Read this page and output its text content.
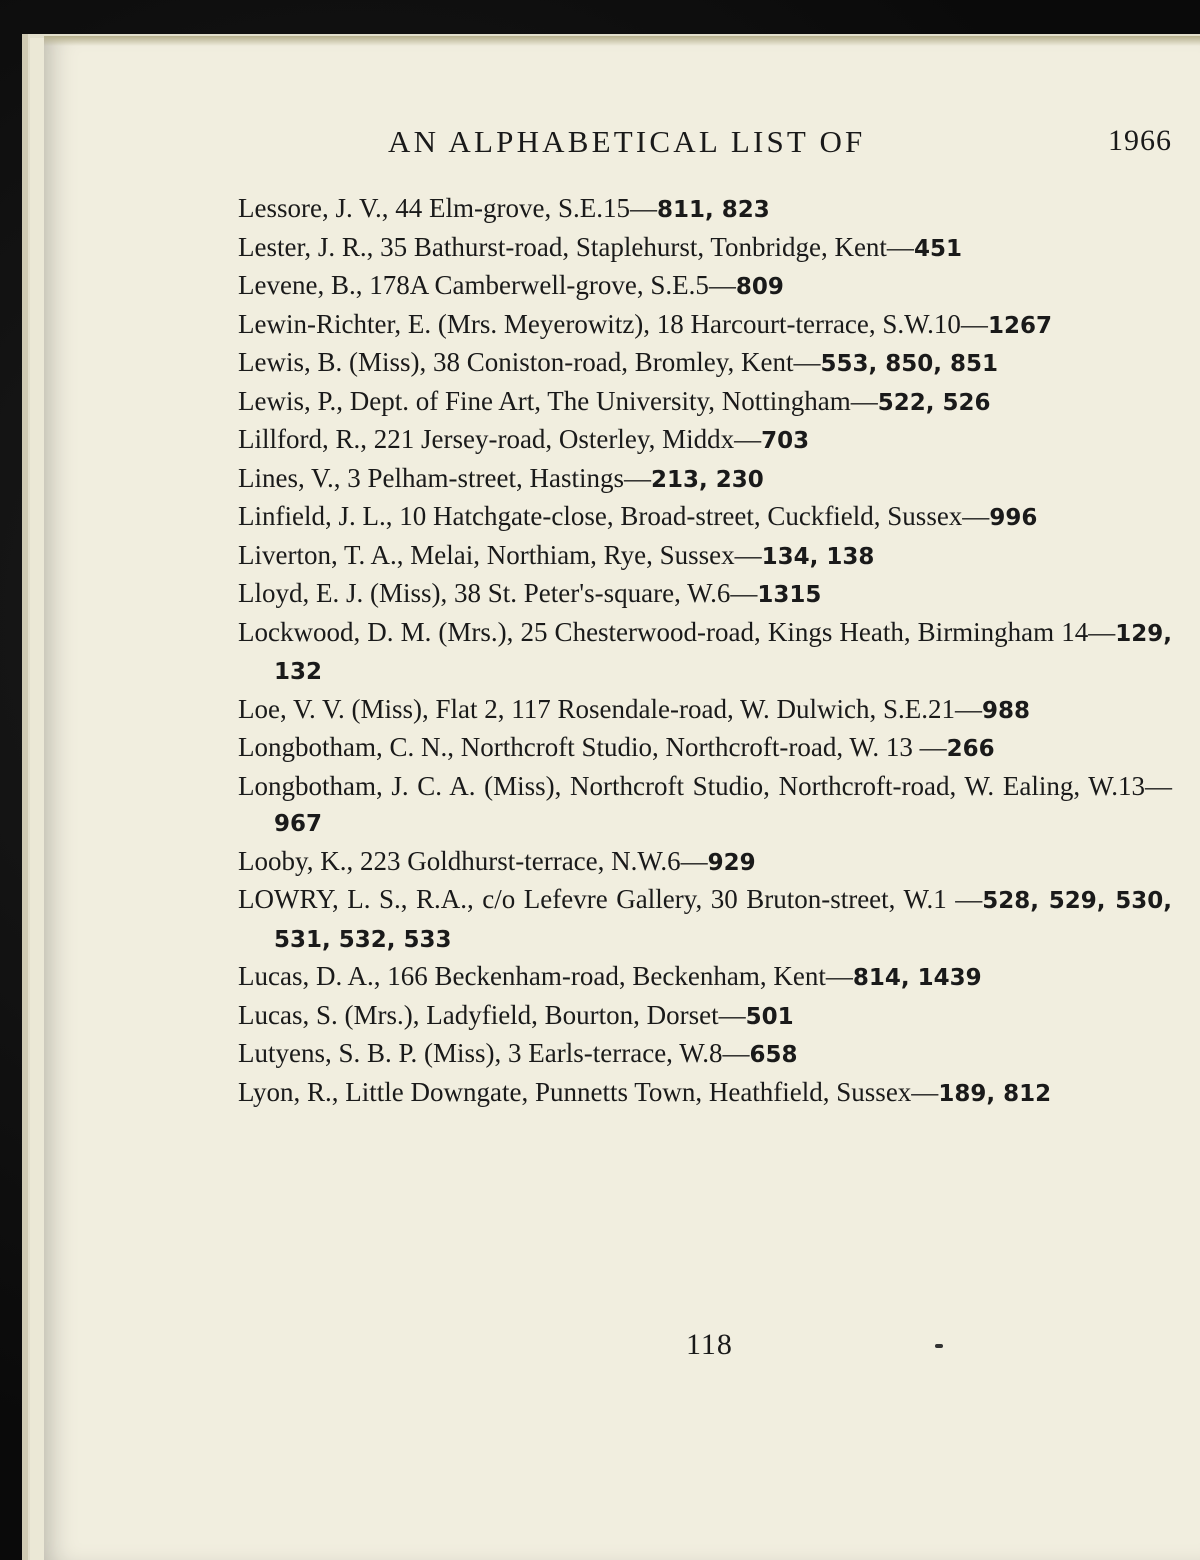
AN ALPHABETICAL LIST OF	1966
Lessore, J. V., 44 Elm-grove, S.E.15—811, 823
Lester, J. R., 35 Bathurst-road, Staplehurst, Tonbridge, Kent—451
Levene, B., 178A Camberwell-grove, S.E.5—809
Lewin-Richter, E. (Mrs. Meyerowitz), 18 Harcourt-terrace, S.W.10—1267
Lewis, B. (Miss), 38 Coniston-road, Bromley, Kent—553, 850, 851
Lewis, P., Dept. of Fine Art, The University, Nottingham—522, 526
Lillford, R., 221 Jersey-road, Osterley, Middx—703
Lines, V., 3 Pelham-street, Hastings—213, 230
Linfield, J. L., 10 Hatchgate-close, Broad-street, Cuckfield, Sussex—996
Liverton, T. A., Melai, Northiam, Rye, Sussex—134, 138
Lloyd, E. J. (Miss), 38 St. Peter's-square, W.6—1315
Lockwood, D. M. (Mrs.), 25 Chesterwood-road, Kings Heath, Birmingham 14—129, 132
Loe, V. V. (Miss), Flat 2, 117 Rosendale-road, W. Dulwich, S.E.21—988
Longbotham, C. N., Northcroft Studio, Northcroft-road, W. 13 —266
Longbotham, J. C. A. (Miss), Northcroft Studio, Northcroft-road, W. Ealing, W.13—967
Looby, K., 223 Goldhurst-terrace, N.W.6—929
LOWRY, L. S., R.A., c/o Lefevre Gallery, 30 Bruton-street, W.1 —528, 529, 530, 531, 532, 533
Lucas, D. A., 166 Beckenham-road, Beckenham, Kent—814, 1439
Lucas, S. (Mrs.), Ladyfield, Bourton, Dorset—501
Lutyens, S. B. P. (Miss), 3 Earls-terrace, W.8—658
Lyon, R., Little Downgate, Punnetts Town, Heathfield, Sussex—189, 812
118
